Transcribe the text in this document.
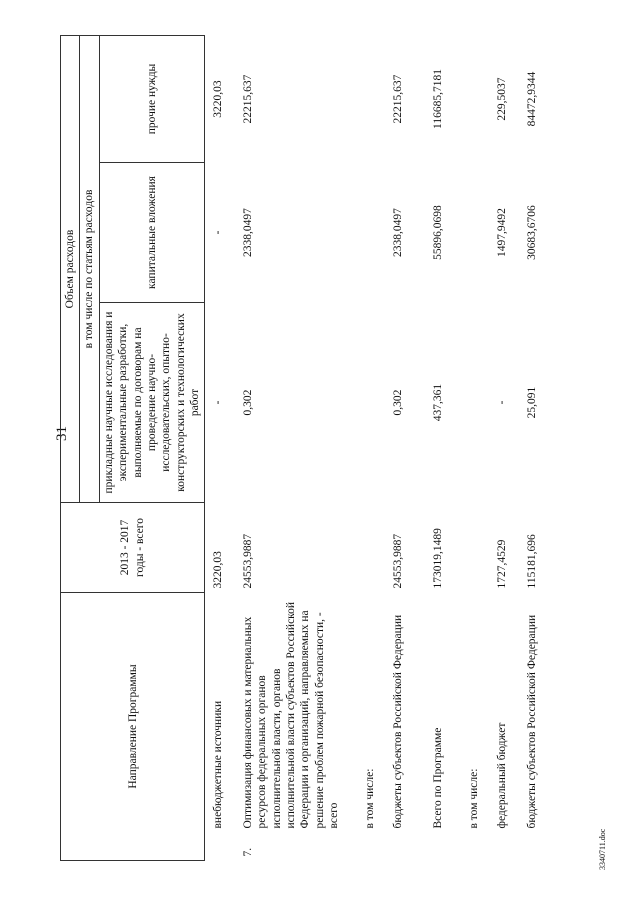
31
3340711.doc
Направление Программы		2013 - 2017 годы - всего	Объем расходов		
			в том числе по статьям расходов		
			прикладные научные исследования и экспериментальные разработки, выполняемые по договорам на проведение научно-исследовательских, опытно-конструкторских и технологических работ	капитальные вложения	прочие нужды
	внебюджетные источники	3220,03	-	-	3220,03
7.	Оптимизация финансовых и материальных ресурсов федеральных органов исполнительной власти, органов исполнительной власти субъектов Российской Федерации и организаций, направляемых на решение проблем пожарной безопасности, - всего	24553,9887	0,302	2338,0497	22215,637
	в том числе:				
	бюджеты субъектов Российской Федерации	24553,9887	0,302	2338,0497	22215,637
	Всего по Программе	173019,1489	437,361	55896,0698	116685,7181
	в том числе:				
	федеральный бюджет	1727,4529	-	1497,9492	229,5037
	бюджеты субъектов Российской Федерации	115181,696	25,091	30683,6706	84472,9344
